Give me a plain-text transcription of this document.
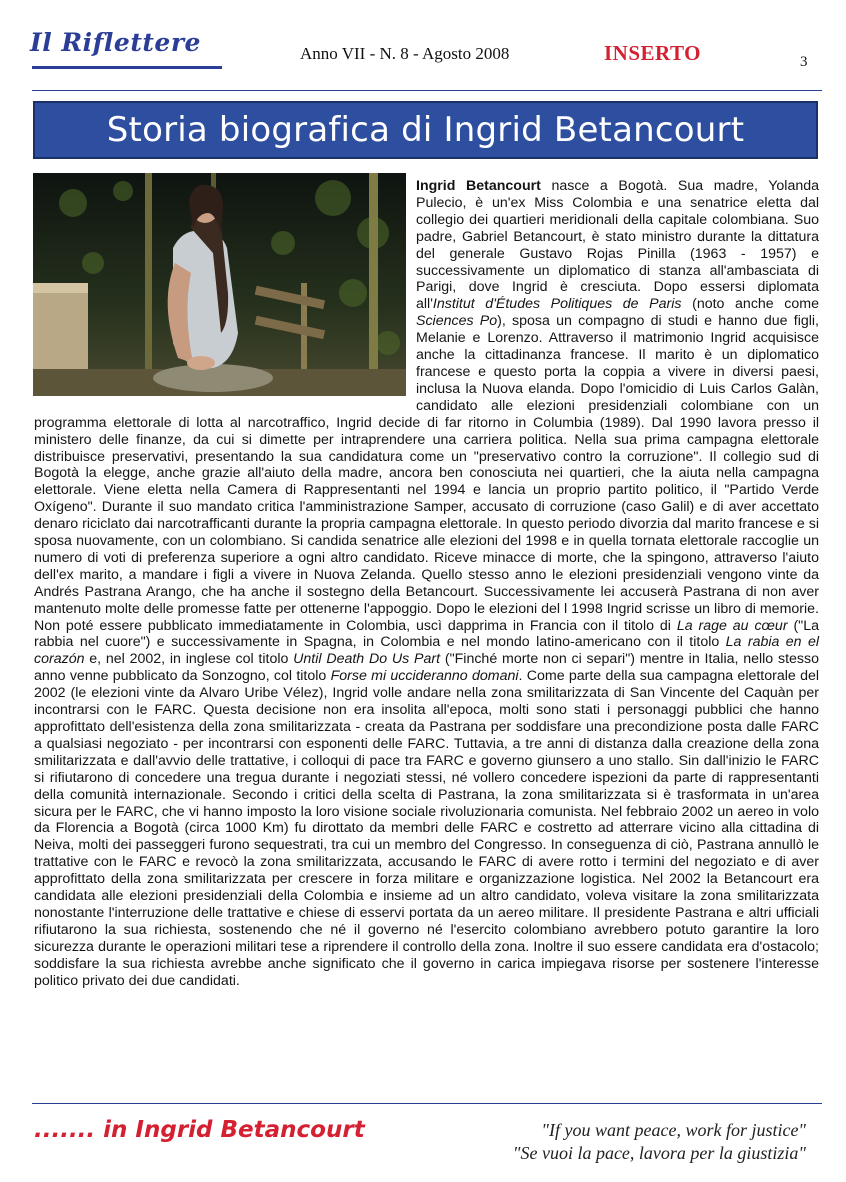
Il Riflettere	Anno VII - N. 8 - Agosto 2008	INSERTO	3
Storia biografica di Ingrid Betancourt

Ingrid Betancourt nasce a Bogotà. Sua madre, Yolanda Pulecio, è un'ex Miss Colombia e una senatrice eletta dal collegio dei quartieri meridionali della capitale colombiana. Suo padre, Gabriel Betancourt, è stato ministro durante la dittatura del generale Gustavo Rojas Pinilla (1963 - 1957) e successivamente un diplomatico di stanza all'ambasciata di Parigi, dove Ingrid è cresciuta. Dopo essersi diplomata all'Institut d'Études Politiques de Paris (noto anche come Sciences Po), sposa un compagno di studi e hanno due figli, Melanie e Lorenzo. Attraverso il matrimonio Ingrid acquisisce anche la cittadinanza francese. Il marito è un diplomatico francese e questo porta la coppia a vivere in diversi paesi, inclusa la Nuova elanda. Dopo l'omicidio di Luis Carlos Galàn, candidato alle elezioni presidenziali colombiane con un programma elettorale di lotta al narcotraffico, Ingrid decide di far ritorno in Columbia (1989). Dal 1990 lavora presso il ministero delle finanze, da cui si dimette per intraprendere una carriera politica. Nella sua prima campagna elettorale distribuisce preservativi, presentando la sua candidatura come un "preservativo contro la corruzione". Il collegio sud di Bogotà la elegge, anche grazie all'aiuto della madre, ancora ben conosciuta nei quartieri, che la aiuta nella campagna elettorale. Viene eletta nella Camera di Rappresentanti nel 1994 e lancia un proprio partito politico, il "Partido Verde Oxígeno". Durante il suo mandato critica l'amministrazione Samper, accusato di corruzione (caso Galil) e di aver accettato denaro riciclato dai narcotrafficanti durante la propria campagna elettorale. In questo periodo divorzia dal marito francese e si sposa nuovamente, con un colombiano. Si candida senatrice alle elezioni del 1998 e in quella tornata elettorale raccoglie un numero di voti di preferenza superiore a ogni altro candidato. Riceve minacce di morte, che la spingono, attraverso l'aiuto dell'ex marito, a mandare i figli a vivere in Nuova Zelanda. Quello stesso anno le elezioni presidenziali vengono vinte da Andrés Pastrana Arango, che ha anche il sostegno della Betancourt. Successivamente lei accuserà Pastrana di non aver mantenuto molte delle promesse fatte per ottenerne l'appoggio. Dopo le elezioni del l 1998 Ingrid scrisse un libro di memorie. Non poté essere pubblicato immediatamente in Colombia, uscì dapprima in Francia con il titolo di La rage au cœur ("La rabbia nel cuore") e successivamente in Spagna, in Colombia e nel mondo latino-americano con il titolo La rabia en el corazón e, nel 2002, in inglese col titolo Until Death Do Us Part ("Finché morte non ci separi") mentre in Italia, nello stesso anno venne pubblicato da Sonzogno, col titolo Forse mi uccideranno domani. Come parte della sua campagna elettorale del 2002 (le elezioni vinte da Alvaro Uribe Vélez), Ingrid volle andare nella zona smilitarizzata di San Vincente del Caquàn per incontrarsi con le FARC. Questa decisione non era insolita all'epoca, molti sono stati i personaggi pubblici che hanno approfittato dell'esistenza della zona smilitarizzata - creata da Pastrana per soddisfare una precondizione posta dalle FARC a qualsiasi negoziato - per incontrarsi con esponenti delle FARC. Tuttavia, a tre anni di distanza dalla creazione della zona smilitarizzata e dall'avvio delle trattative, i colloqui di pace tra FARC e governo giunsero a uno stallo. Sin dall'inizio le FARC si rifiutarono di concedere una tregua durante i negoziati stessi, né vollero concedere ispezioni da parte di rappresentanti della comunità internazionale. Secondo i critici della scelta di Pastrana, la zona smilitarizzata si è trasformata in un'area sicura per le FARC, che vi hanno imposto la loro visione sociale rivoluzionaria comunista. Nel febbraio 2002 un aereo in volo da Florencia a Bogotà (circa 1000 Km) fu dirottato da membri delle FARC e costretto ad atterrare vicino alla cittadina di Neiva, molti dei passeggeri furono sequestrati, tra cui un membro del Congresso. In conseguenza di ciò, Pastrana annullò le trattative con le FARC e revocò la zona smilitarizzata, accusando le FARC di avere rotto i termini del negoziato e di aver approfittato della zona smilitarizzata per crescere in forza militare e organizzazione logistica. Nel 2002 la Betancourt era candidata alle elezioni presidenziali della Colombia e insieme ad un altro candidato, voleva visitare la zona smilitarizzata nonostante l'interruzione delle trattative e chiese di esservi portata da un aereo militare. Il presidente Pastrana e altri ufficiali rifiutarono la sua richiesta, sostenendo che né il governo né l'esercito colombiano avrebbero potuto garantire la loro sicurezza durante le operazioni militari tese a riprendere il controllo della zona. Inoltre il suo essere candidata era d'ostacolo; soddisfare la sua richiesta avrebbe anche significato che il governo in carica impiegava risorse per sostenere l'interesse politico privato dei due candidati.

....... in Ingrid Betancourt	"If you want peace, work for justice"
"Se vuoi la pace, lavora per la giustizia"
